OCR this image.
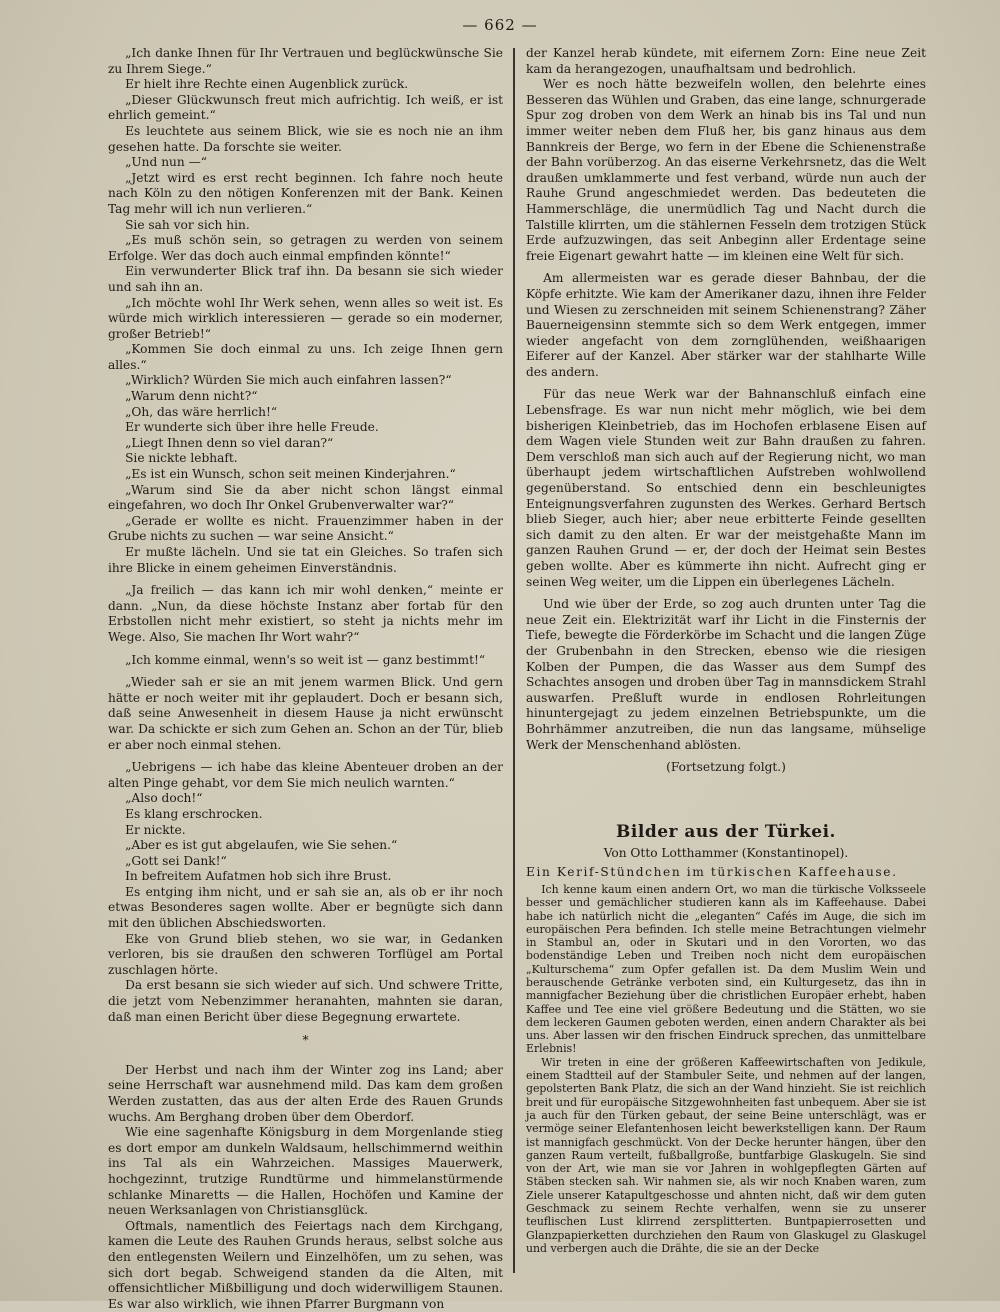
— 662 —

„Ich danke Ihnen für Ihr Vertrauen und beglückwünsche Sie zu Ihrem Siege.“

Er hielt ihre Rechte einen Augenblick zurück.

„Dieser Glückwunsch freut mich aufrichtig. Ich weiß, er ist ehrlich gemeint.“

Es leuchtete aus seinem Blick, wie sie es noch nie an ihm gesehen hatte. Da forschte sie weiter.

„Und nun —“

„Jetzt wird es erst recht beginnen. Ich fahre noch heute nach Köln zu den nötigen Konferenzen mit der Bank. Keinen Tag mehr will ich nun verlieren.“

Sie sah vor sich hin.

„Es muß schön sein, so getragen zu werden von seinem Erfolge. Wer das doch auch einmal empfinden könnte!“

Ein verwunderter Blick traf ihn. Da besann sie sich wieder und sah ihn an.

„Ich möchte wohl Ihr Werk sehen, wenn alles so weit ist. Es würde mich wirklich interessieren — gerade so ein moderner, großer Betrieb!“

„Kommen Sie doch einmal zu uns. Ich zeige Ihnen gern alles.“

„Wirklich? Würden Sie mich auch einfahren lassen?“

„Warum denn nicht?“

„Oh, das wäre herrlich!“

Er wunderte sich über ihre helle Freude.

„Liegt Ihnen denn so viel daran?“

Sie nickte lebhaft.

„Es ist ein Wunsch, schon seit meinen Kinderjahren.“

„Warum sind Sie da aber nicht schon längst einmal eingefahren, wo doch Ihr Onkel Grubenverwalter war?“

„Gerade er wollte es nicht. Frauenzimmer haben in der Grube nichts zu suchen — war seine Ansicht.“

Er mußte lächeln. Und sie tat ein Gleiches. So trafen sich ihre Blicke in einem geheimen Einverständnis.

„Ja freilich — das kann ich mir wohl denken,“ meinte er dann. „Nun, da diese höchste Instanz aber fortab für den Erbstollen nicht mehr existiert, so steht ja nichts mehr im Wege. Also, Sie machen Ihr Wort wahr?“

„Ich komme einmal, wenn's so weit ist — ganz bestimmt!“

„Wieder sah er sie an mit jenem warmen Blick. Und gern hätte er noch weiter mit ihr geplaudert. Doch er besann sich, daß seine Anwesenheit in diesem Hause ja nicht erwünscht war. Da schickte er sich zum Gehen an. Schon an der Tür, blieb er aber noch einmal stehen.

„Uebrigens — ich habe das kleine Abenteuer droben an der alten Pinge gehabt, vor dem Sie mich neulich warnten.“

„Also doch!“

Es klang erschrocken.

Er nickte.

„Aber es ist gut abgelaufen, wie Sie sehen.“

„Gott sei Dank!“

In befreitem Aufatmen hob sich ihre Brust.

Es entging ihm nicht, und er sah sie an, als ob er ihr noch etwas Besonderes sagen wollte. Aber er begnügte sich dann mit den üblichen Abschiedsworten.

Eke von Grund blieb stehen, wo sie war, in Gedanken verloren, bis sie draußen den schweren Torflügel am Portal zuschlagen hörte.

Da erst besann sie sich wieder auf sich. Und schwere Tritte, die jetzt vom Nebenzimmer heranahten, mahnten sie daran, daß man einen Bericht über diese Begegnung erwartete.

*

Der Herbst und nach ihm der Winter zog ins Land; aber seine Herrschaft war ausnehmend mild. Das kam dem großen Werden zustatten, das aus der alten Erde des Rauen Grunds wuchs. Am Berghang droben über dem Oberdorf.

Wie eine sagenhafte Königsburg in dem Morgenlande stieg es dort empor am dunkeln Waldsaum, hellschimmernd weithin ins Tal als ein Wahrzeichen. Massiges Mauerwerk, hochgezinnt, trutzige Rundtürme und himmelanstürmende schlanke Minaretts — die Hallen, Hochöfen und Kamine der neuen Werksanlagen von Christiansglück.

Oftmals, namentlich des Feiertags nach dem Kirchgang, kamen die Leute des Rauhen Grunds heraus, selbst solche aus den entlegensten Weilern und Einzelhöfen, um zu sehen, was sich dort begab. Schweigend standen da die Alten, mit offensichtlicher Mißbilligung und doch widerwilligem Staunen. Es war also wirklich, wie ihnen Pfarrer Burgmann von

der Kanzel herab kündete, mit eifernem Zorn: Eine neue Zeit kam da herangezogen, unaufhaltsam und bedrohlich.

Wer es noch hätte bezweifeln wollen, den belehrte eines Besseren das Wühlen und Graben, das eine lange, schnurgerade Spur zog droben von dem Werk an hinab bis ins Tal und nun immer weiter neben dem Fluß her, bis ganz hinaus aus dem Bannkreis der Berge, wo fern in der Ebene die Schienenstraße der Bahn vorüberzog. An das eiserne Verkehrsnetz, das die Welt draußen umklammerte und fest verband, würde nun auch der Rauhe Grund angeschmiedet werden. Das bedeuteten die Hammerschläge, die unermüdlich Tag und Nacht durch die Talstille klirrten, um die stählernen Fesseln dem trotzigen Stück Erde aufzuzwingen, das seit Anbeginn aller Erdentage seine freie Eigenart gewahrt hatte — im kleinen eine Welt für sich.

Am allermeisten war es gerade dieser Bahnbau, der die Köpfe erhitzte. Wie kam der Amerikaner dazu, ihnen ihre Felder und Wiesen zu zerschneiden mit seinem Schienenstrang? Zäher Bauerneigensinn stemmte sich so dem Werk entgegen, immer wieder angefacht von dem zornglühenden, weißhaarigen Eiferer auf der Kanzel. Aber stärker war der stahlharte Wille des andern.

Für das neue Werk war der Bahnanschluß einfach eine Lebensfrage. Es war nun nicht mehr möglich, wie bei dem bisherigen Kleinbetrieb, das im Hochofen erblasene Eisen auf dem Wagen viele Stunden weit zur Bahn draußen zu fahren. Dem verschloß man sich auch auf der Regierung nicht, wo man überhaupt jedem wirtschaftlichen Aufstreben wohlwollend gegenüberstand. So entschied denn ein beschleunigtes Enteignungsverfahren zugunsten des Werkes. Gerhard Bertsch blieb Sieger, auch hier; aber neue erbitterte Feinde gesellten sich damit zu den alten. Er war der meistgehaßte Mann im ganzen Rauhen Grund — er, der doch der Heimat sein Bestes geben wollte. Aber es kümmerte ihn nicht. Aufrecht ging er seinen Weg weiter, um die Lippen ein überlegenes Lächeln.

Und wie über der Erde, so zog auch drunten unter Tag die neue Zeit ein. Elektrizität warf ihr Licht in die Finsternis der Tiefe, bewegte die Förderkörbe im Schacht und die langen Züge der Grubenbahn in den Strecken, ebenso wie die riesigen Kolben der Pumpen, die das Wasser aus dem Sumpf des Schachtes ansogen und droben über Tag in mannsdickem Strahl auswarfen. Preßluft wurde in endlosen Rohrleitungen hinuntergejagt zu jedem einzelnen Betriebspunkte, um die Bohrhämmer anzutreiben, die nun das langsame, mühselige Werk der Menschenhand ablösten.

(Fortsetzung folgt.)

Bilder aus der Türkei.
Von Otto Lotthammer (Konstantinopel).
Ein Kerif-Stündchen im türkischen Kaffeehause.

Ich kenne kaum einen andern Ort, wo man die türkische Volksseele besser und gemächlicher studieren kann als im Kaffeehause. Dabei habe ich natürlich nicht die „eleganten“ Cafés im Auge, die sich im europäischen Pera befinden. Ich stelle meine Betrachtungen vielmehr in Stambul an, oder in Skutari und in den Vororten, wo das bodenständige Leben und Treiben noch nicht dem europäischen „Kulturschema“ zum Opfer gefallen ist. Da dem Muslim Wein und berauschende Getränke verboten sind, ein Kulturgesetz, das ihn in mannigfacher Beziehung über die christlichen Europäer erhebt, haben Kaffee und Tee eine viel größere Bedeutung und die Stätten, wo sie dem leckeren Gaumen geboten werden, einen andern Charakter als bei uns. Aber lassen wir den frischen Eindruck sprechen, das unmittelbare Erlebnis!

Wir treten in eine der größeren Kaffeewirtschaften von Jedikule, einem Stadtteil auf der Stambuler Seite, und nehmen auf der langen, gepolsterten Bank Platz, die sich an der Wand hinzieht. Sie ist reichlich breit und für europäische Sitzgewohnheiten fast unbequem. Aber sie ist ja auch für den Türken gebaut, der seine Beine unterschlägt, was er vermöge seiner Elefantenhosen leicht bewerkstelligen kann. Der Raum ist mannigfach geschmückt. Von der Decke herunter hängen, über den ganzen Raum verteilt, fußballgroße, buntfarbige Glaskugeln. Sie sind von der Art, wie man sie vor Jahren in wohlgepflegten Gärten auf Stäben stecken sah. Wir nahmen sie, als wir noch Knaben waren, zum Ziele unserer Katapultgeschosse und ahnten nicht, daß wir dem guten Geschmack zu seinem Rechte verhalfen, wenn sie zu unserer teuflischen Lust klirrend zersplitterten. Buntpapierrosetten und Glanzpapierketten durchziehen den Raum von Glaskugel zu Glaskugel und verbergen auch die Drähte, die sie an der Decke
